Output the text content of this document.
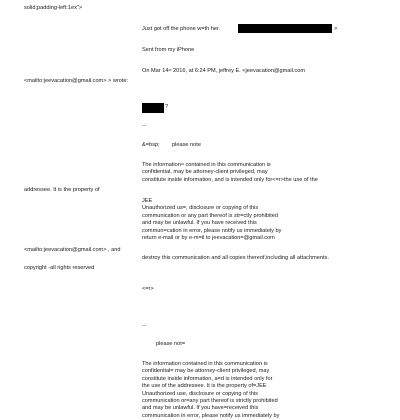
solid;padding-left:1ex">
Just got off the phone w=th her.	>
Sent from my iPhone
On Mar 14≈ 2016, at 6:24 PM, jeffrey E. <jeevacation@gmail.com
<mailto:jeevacation@gmail.com> > wrote:
?
--
&=bsp; please note
The information≈ contained in this communication is
confidential, may be attorney-client privileged, may
constitute inside information, and is intended only for<=r>the use of the
addressee. It is the property of
JEE
Unauthorized us=, disclosure or copying of this
communication or any part thereof is str=ctly prohibited
and may be unlawful. If you have received this
commun=cation in error, please notify us immediately by
return e-mail or by e-m=il to jeevacation=@gmail.com
<mailto:jeevacation@gmail.com> , and
destroy this communication and all copies thereof,including all attachments.
copyright -all rights reserved
<=r>
--
please not=
The information contained in this communication is
confidential= may be attorney-client privileged, may
constitute inside information, a=d is intended only for
the use of the addressee. It is the property of=JEE
Unauthorized use, disclosure or copying of this
communication or=any part thereof is strictly prohibited
and may be unlawful. If you have=received this
communication in error, please notify us immediately by
